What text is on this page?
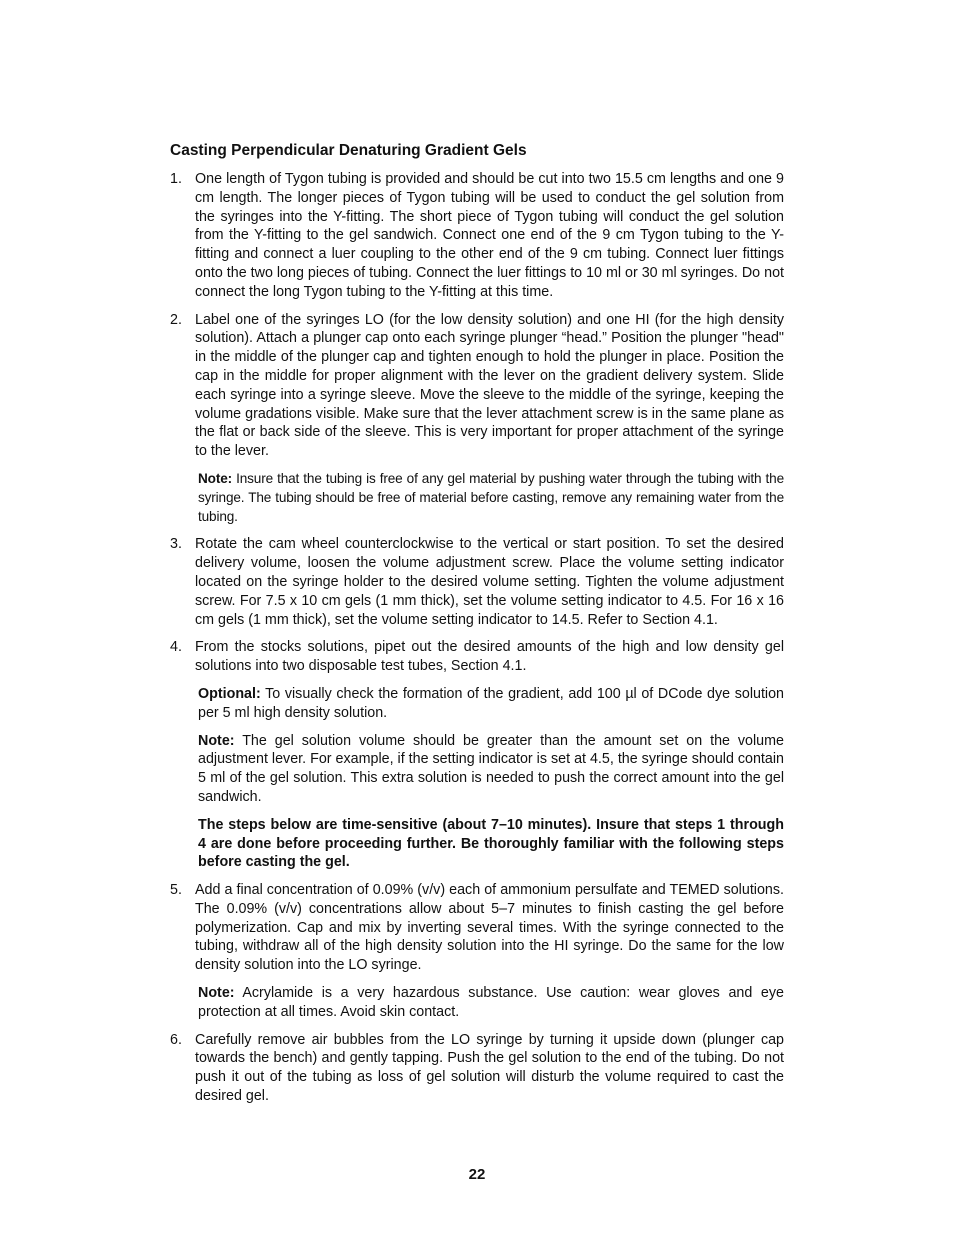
Casting Perpendicular Denaturing Gradient Gels
1. One length of Tygon tubing is provided and should be cut into two 15.5 cm lengths and one 9 cm length. The longer pieces of Tygon tubing will be used to conduct the gel solution from the syringes into the Y-fitting. The short piece of Tygon tubing will conduct the gel solution from the Y-fitting to the gel sandwich. Connect one end of the 9 cm Tygon tubing to the Y-fitting and connect a luer coupling to the other end of the 9 cm tubing. Connect luer fittings onto the two long pieces of tubing. Connect the luer fittings to 10 ml or 30 ml syringes. Do not connect the long Tygon tubing to the Y-fitting at this time.

2. Label one of the syringes LO (for the low density solution) and one HI (for the high density solution). Attach a plunger cap onto each syringe plunger “head.” Position the plunger "head" in the middle of the plunger cap and tighten enough to hold the plunger in place. Position the cap in the middle for proper alignment with the lever on the gradient delivery system. Slide each syringe into a syringe sleeve. Move the sleeve to the middle of the syringe, keeping the volume gradations visible. Make sure that the lever attachment screw is in the same plane as the flat or back side of the sleeve. This is very important for proper attachment of the syringe to the lever.

Note: Insure that the tubing is free of any gel material by pushing water through the tubing with the syringe. The tubing should be free of material before casting, remove any remaining water from the tubing.

3. Rotate the cam wheel counterclockwise to the vertical or start position. To set the desired delivery volume, loosen the volume adjustment screw. Place the volume setting indicator located on the syringe holder to the desired volume setting. Tighten the volume adjustment screw. For 7.5 x 10 cm gels (1 mm thick), set the volume setting indicator to 4.5. For 16 x 16 cm gels (1 mm thick), set the volume setting indicator to 14.5. Refer to Section 4.1.

4. From the stocks solutions, pipet out the desired amounts of the high and low density gel solutions into two disposable test tubes, Section 4.1.

Optional: To visually check the formation of the gradient, add 100 µl of DCode dye solution per 5 ml high density solution.

Note: The gel solution volume should be greater than the amount set on the volume adjustment lever. For example, if the setting indicator is set at 4.5, the syringe should contain 5 ml of the gel solution. This extra solution is needed to push the correct amount into the gel sandwich.

The steps below are time-sensitive (about 7–10 minutes). Insure that steps 1 through 4 are done before proceeding further. Be thoroughly familiar with the following steps before casting the gel.

5. Add a final concentration of 0.09% (v/v) each of ammonium persulfate and TEMED solutions. The 0.09% (v/v) concentrations allow about 5–7 minutes to finish casting the gel before polymerization. Cap and mix by inverting several times. With the syringe connected to the tubing, withdraw all of the high density solution into the HI syringe. Do the same for the low density solution into the LO syringe.

Note: Acrylamide is a very hazardous substance. Use caution: wear gloves and eye protection at all times. Avoid skin contact.

6. Carefully remove air bubbles from the LO syringe by turning it upside down (plunger cap towards the bench) and gently tapping. Push the gel solution to the end of the tubing. Do not push it out of the tubing as loss of gel solution will disturb the volume required to cast the desired gel.

22
